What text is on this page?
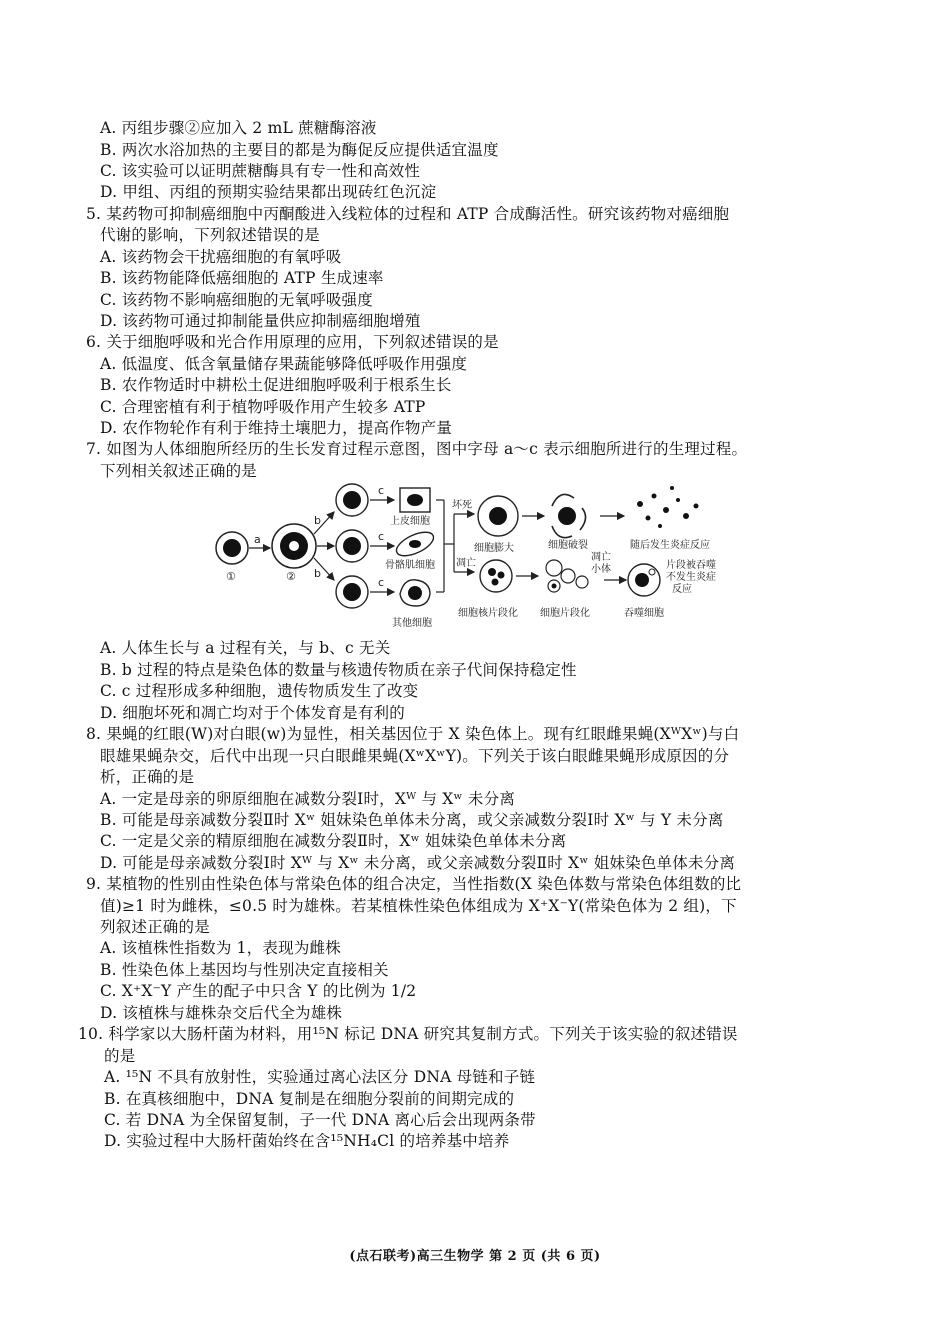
A. 丙组步骤②应加入 2 mL 蔗糖酶溶液
B. 两次水浴加热的主要目的都是为酶促反应提供适宜温度
C. 该实验可以证明蔗糖酶具有专一性和高效性
D. 甲组、丙组的预期实验结果都出现砖红色沉淀
5. 某药物可抑制癌细胞中丙酮酸进入线粒体的过程和 ATP 合成酶活性。研究该药物对癌细胞
代谢的影响，下列叙述错误的是
A. 该药物会干扰癌细胞的有氧呼吸
B. 该药物能降低癌细胞的 ATP 生成速率
C. 该药物不影响癌细胞的无氧呼吸强度
D. 该药物可通过抑制能量供应抑制癌细胞增殖
6. 关于细胞呼吸和光合作用原理的应用，下列叙述错误的是
A. 低温度、低含氧量储存果蔬能够降低呼吸作用强度
B. 农作物适时中耕松土促进细胞呼吸利于根系生长
C. 合理密植有利于植物呼吸作用产生较多 ATP
D. 农作物轮作有利于维持土壤肥力，提高作物产量
7. 如图为人体细胞所经历的生长发育过程示意图，图中字母 a～c 表示细胞所进行的生理过程。
下列相关叙述正确的是
①
a
②
b
b
c
c
c
上皮细胞
骨骼肌细胞
其他细胞
坏死
凋亡
细胞膨大	细胞破裂	随后发生炎症反应
细胞核片段化
凋亡
小体
细胞片段化	吞噬细胞
片段被吞噬
不发生炎症
反应
A. 人体生长与 a 过程有关，与 b、c 无关
B. b 过程的特点是染色体的数量与核遗传物质在亲子代间保持稳定性
C. c 过程形成多种细胞，遗传物质发生了改变
D. 细胞坏死和凋亡均对于个体发育是有利的
8. 果蝇的红眼(W)对白眼(w)为显性，相关基因位于 X 染色体上。现有红眼雌果蝇(XᵂXʷ)与白
眼雄果蝇杂交，后代中出现一只白眼雌果蝇(XʷXʷY)。下列关于该白眼雌果蝇形成原因的分
析，正确的是
A. 一定是母亲的卵原细胞在减数分裂Ⅰ时，Xᵂ 与 Xʷ 未分离
B. 可能是母亲减数分裂Ⅱ时 Xʷ 姐妹染色单体未分离，或父亲减数分裂Ⅰ时 Xʷ 与 Y 未分离
C. 一定是父亲的精原细胞在减数分裂Ⅱ时，Xʷ 姐妹染色单体未分离
D. 可能是母亲减数分裂Ⅰ时 Xᵂ 与 Xʷ 未分离，或父亲减数分裂Ⅱ时 Xʷ 姐妹染色单体未分离
9. 某植物的性别由性染色体与常染色体的组合决定，当性指数(X 染色体数与常染色体组数的比
值)≥1 时为雌株，≤0.5 时为雄株。若某植株性染色体组成为 X⁺X⁻Y(常染色体为 2 组)，下
列叙述正确的是
A. 该植株性指数为 1，表现为雌株
B. 性染色体上基因均与性别决定直接相关
C. X⁺X⁻Y 产生的配子中只含 Y 的比例为 1/2
D. 该植株与雄株杂交后代全为雄株
10. 科学家以大肠杆菌为材料，用¹⁵N 标记 DNA 研究其复制方式。下列关于该实验的叙述错误
的是
A. ¹⁵N 不具有放射性，实验通过离心法区分 DNA 母链和子链
B. 在真核细胞中，DNA 复制是在细胞分裂前的间期完成的
C. 若 DNA 为全保留复制，子一代 DNA 离心后会出现两条带
D. 实验过程中大肠杆菌始终在含¹⁵NH₄Cl 的培养基中培养
(点石联考)高三生物学 第 2 页 (共 6 页)
